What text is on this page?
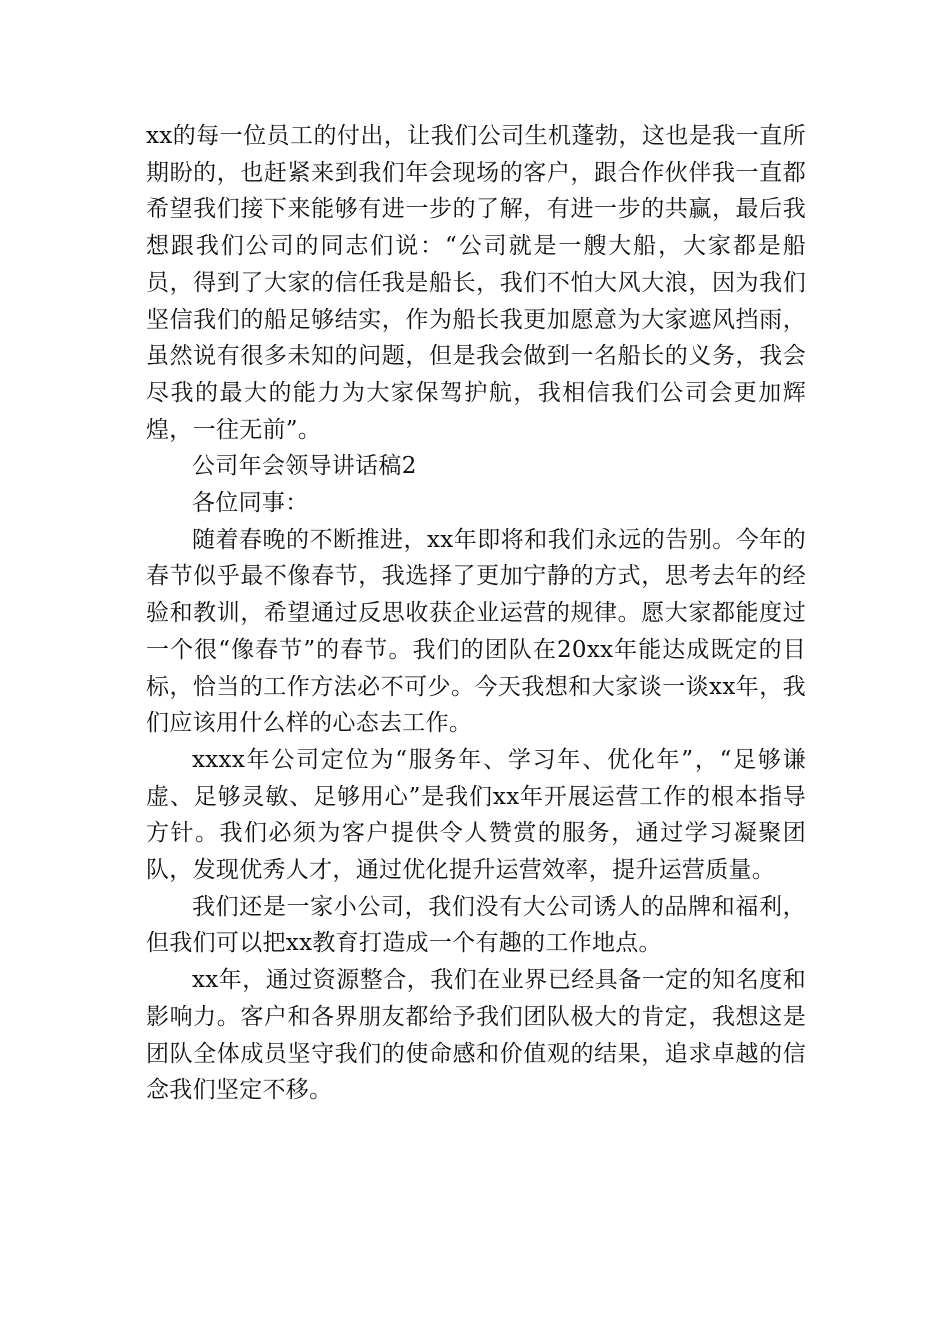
xx的每一位员工的付出，让我们公司生机蓬勃，这也是我一直所期盼的，也赶紧来到我们年会现场的客户，跟合作伙伴我一直都希望我们接下来能够有进一步的了解，有进一步的共赢，最后我想跟我们公司的同志们说：“公司就是一艘大船，大家都是船员，得到了大家的信任我是船长，我们不怕大风大浪，因为我们坚信我们的船足够结实，作为船长我更加愿意为大家遮风挡雨，虽然说有很多未知的问题，但是我会做到一名船长的义务，我会尽我的最大的能力为大家保驾护航，我相信我们公司会更加辉煌，一往无前”。

公司年会领导讲话稿2

各位同事：

随着春晚的不断推进，xx年即将和我们永远的告别。今年的春节似乎最不像春节，我选择了更加宁静的方式，思考去年的经验和教训，希望通过反思收获企业运营的规律。愿大家都能度过一个很“像春节”的春节。我们的团队在20xx年能达成既定的目标，恰当的工作方法必不可少。今天我想和大家谈一谈xx年，我们应该用什么样的心态去工作。

xxxx年公司定位为“服务年、学习年、优化年”，“足够谦虚、足够灵敏、足够用心”是我们xx年开展运营工作的根本指导方针。我们必须为客户提供令人赞赏的服务，通过学习凝聚团队，发现优秀人才，通过优化提升运营效率，提升运营质量。

我们还是一家小公司，我们没有大公司诱人的品牌和福利，但我们可以把xx教育打造成一个有趣的工作地点。

xx年，通过资源整合，我们在业界已经具备一定的知名度和影响力。客户和各界朋友都给予我们团队极大的肯定，我想这是团队全体成员坚守我们的使命感和价值观的结果，追求卓越的信念我们坚定不移。
